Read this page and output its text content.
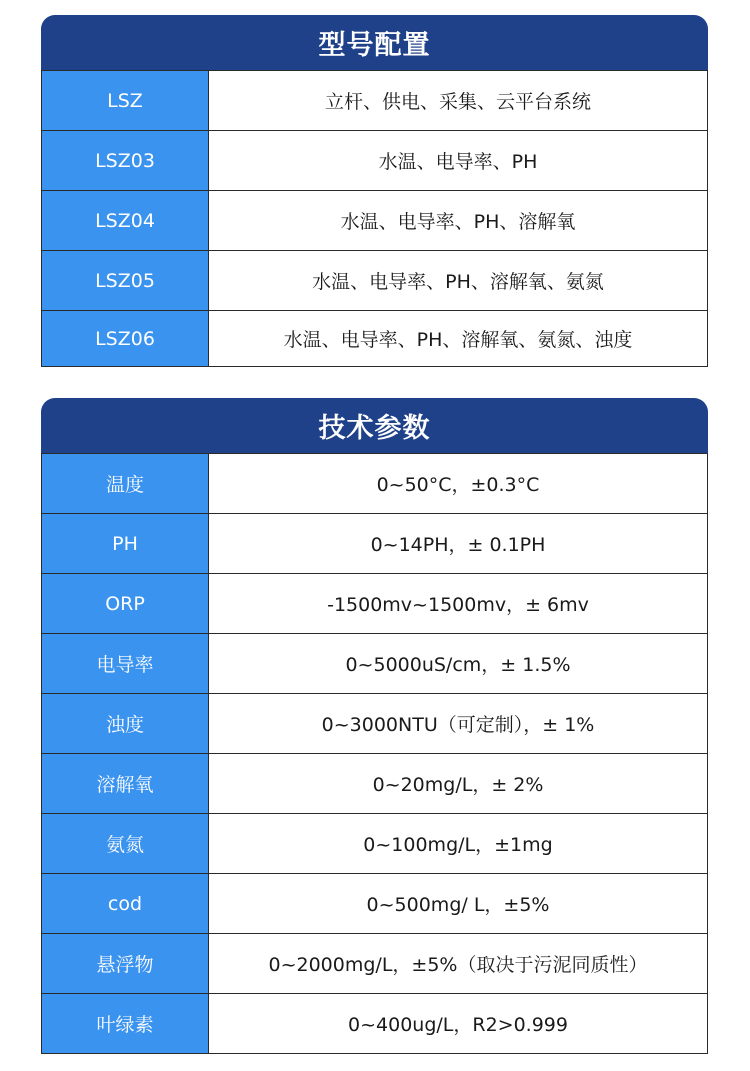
型号配置
LSZ	立杆、供电、采集、云平台系统
LSZ03	水温、电导率、PH
LSZ04	水温、电导率、PH、溶解氧
LSZ05	水温、电导率、PH、溶解氧、氨氮
LSZ06	水温、电导率、PH、溶解氧、氨氮、浊度
技术参数
温度	0~50°C，±0.3°C
PH	0~14PH，± 0.1PH
ORP	-1500mv~1500mv，± 6mv
电导率	0~5000uS/cm，± 1.5%
浊度	0~3000NTU（可定制），± 1%
溶解氧	0~20mg/L，± 2%
氨氮	0~100mg/L，±1mg
cod	0~500mg/ L，±5%
悬浮物	0~2000mg/L，±5%（取决于污泥同质性）
叶绿素	0~400ug/L，R2>0.999
